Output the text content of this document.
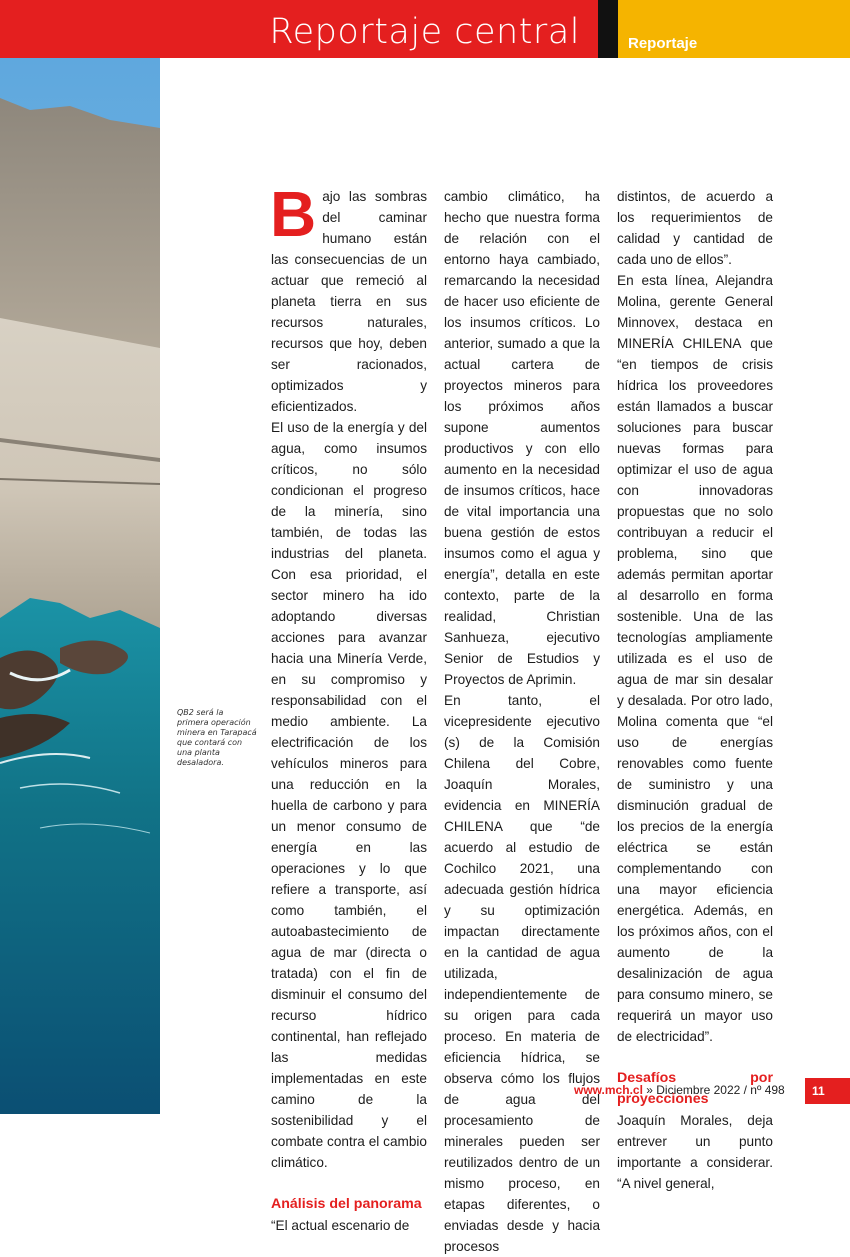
Reportaje central	Reportaje
QB2 será la primera operación minera en Tarapacá que contará con una planta desaladora.

Bajo las sombras del caminar humano están las consecuencias de un actuar que remeció al planeta tierra en sus recursos naturales, recursos que hoy, deben ser racionados, optimizados y eficientizados.

El uso de la energía y del agua, como insumos críticos, no sólo condicionan el progreso de la minería, sino también, de todas las industrias del planeta. Con esa prioridad, el sector minero ha ido adoptando diversas acciones para avanzar hacia una Minería Verde, en su compromiso y responsabilidad con el medio ambiente. La electrificación de los vehículos mineros para una reducción en la huella de carbono y para un menor consumo de energía en las operaciones y lo que refiere a transporte, así como también, el autoabastecimiento de agua de mar (directa o tratada) con el fin de disminuir el consumo del recurso hídrico continental, han reflejado las medidas implementadas en este camino de la sostenibilidad y el combate contra el cambio climático.

Análisis del panorama

“El actual escenario de

cambio climático, ha hecho que nuestra forma de relación con el entorno haya cambiado, remarcando la necesidad de hacer uso eficiente de los insumos críticos. Lo anterior, sumado a que la actual cartera de proyectos mineros para los próximos años supone aumentos productivos y con ello aumento en la necesidad de insumos críticos, hace de vital importancia una buena gestión de estos insumos como el agua y energía”, detalla en este contexto, parte de la realidad, Christian Sanhueza, ejecutivo Senior de Estudios y Proyectos de Aprimin.

En tanto, el vicepresidente ejecutivo (s) de la Comisión Chilena del Cobre, Joaquín Morales, evidencia en MINERÍA CHILENA que “de acuerdo al estudio de Cochilco 2021, una adecuada gestión hídrica y su optimización impactan directamente en la cantidad de agua utilizada, independientemente de su origen para cada proceso. En materia de eficiencia hídrica, se observa cómo los flujos de agua del procesamiento de minerales pueden ser reutilizados dentro de un mismo proceso, en etapas diferentes, o enviadas desde y hacia procesos

distintos, de acuerdo a los requerimientos de calidad y cantidad de cada uno de ellos”.

En esta línea, Alejandra Molina, gerente General Minnovex, destaca en MINERÍA CHILENA que “en tiempos de crisis hídrica los proveedores están llamados a buscar soluciones para buscar nuevas formas para optimizar el uso de agua con innovadoras propuestas que no solo contribuyan a reducir el problema, sino que además permitan aportar al desarrollo en forma sostenible. Una de las tecnologías ampliamente utilizada es el uso de agua de mar sin desalar y desalada. Por otro lado, Molina comenta que “el uso de energías renovables como fuente de suministro y una disminución gradual de los precios de la energía eléctrica se están complementando con una mayor eficiencia energética. Además, en los próximos años, con el aumento de la desalinización de agua para consumo minero, se requerirá un mayor uso de electricidad”.

Desafíos por proyecciones

Joaquín Morales, deja entrever un punto importante a considerar. “A nivel general,

www.mch.cl » Diciembre 2022 / nº 498	11
